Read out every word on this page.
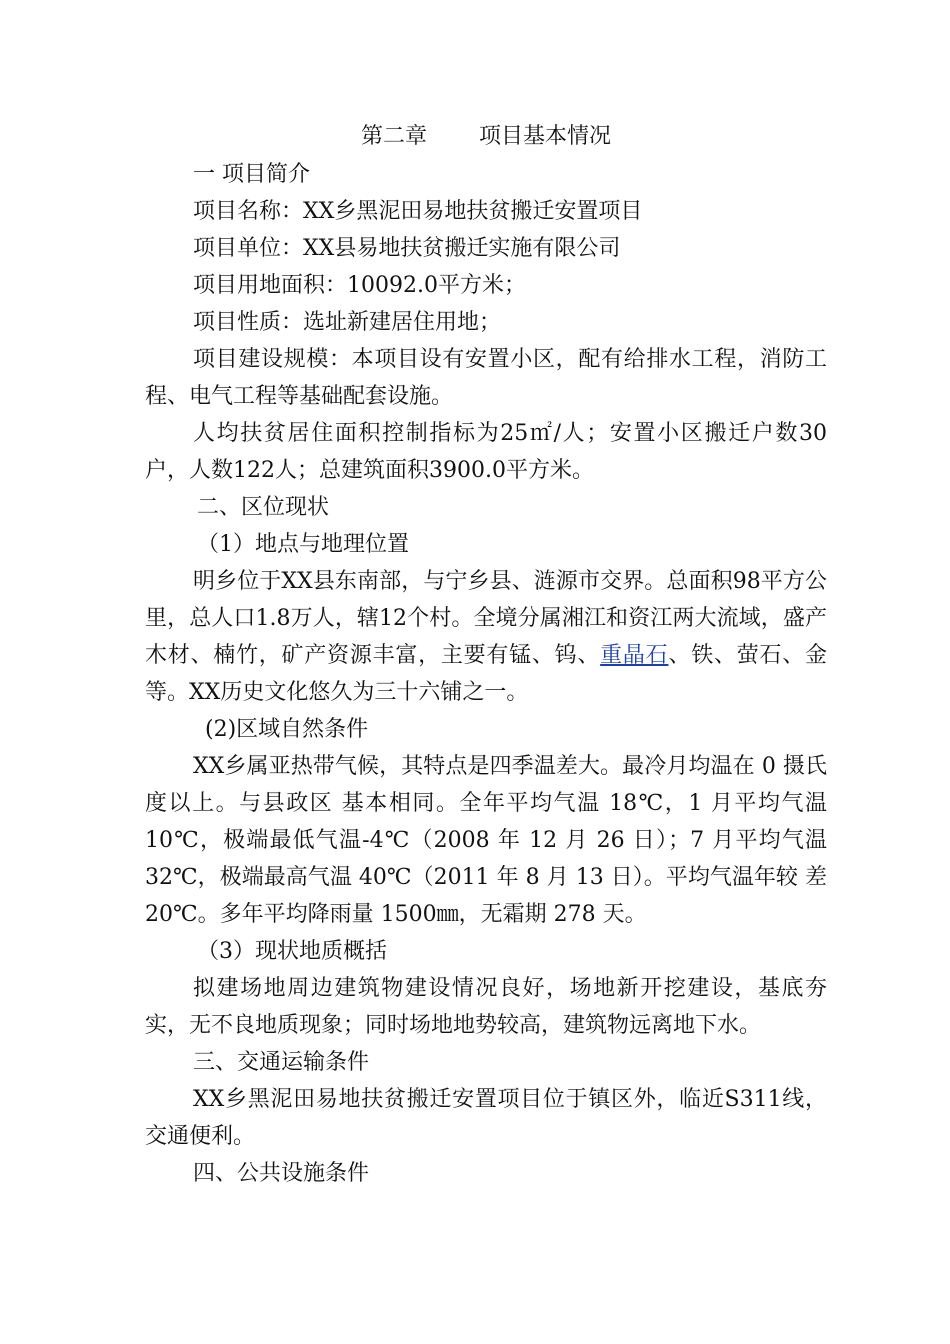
第二章 项目基本情况

一 项目简介

项目名称：XX乡黑泥田易地扶贫搬迁安置项目

项目单位：XX县易地扶贫搬迁实施有限公司

项目用地面积：10092.0平方米；

项目性质：选址新建居住用地；

项目建设规模：本项目设有安置小区，配有给排水工程，消防工程、电气工程等基础配套设施。

人均扶贫居住面积控制指标为25㎡/人；安置小区搬迁户数30户，人数122人；总建筑面积3900.0平方米。

二、区位现状

（1）地点与地理位置

明乡位于XX县东南部，与宁乡县、涟源市交界。总面积98平方公里，总人口1.8万人，辖12个村。全境分属湘江和资江两大流域，盛产木材、楠竹，矿产资源丰富，主要有锰、钨、重晶石、铁、萤石、金等。XX历史文化悠久为三十六铺之一。

(2)区域自然条件

XX乡属亚热带气候，其特点是四季温差大。最冷月均温在 0 摄氏度以上。与县政区 基本相同。全年平均气温 18℃，1 月平均气温 10℃，极端最低气温-4℃（2008 年 12 月 26 日）；7 月平均气温 32℃，极端最高气温 40℃（2011 年 8 月 13 日）。平均气温年较 差 20℃。多年平均降雨量 1500㎜，无霜期 278 天。

（3）现状地质概括

拟建场地周边建筑物建设情况良好，场地新开挖建设，基底夯实，无不良地质现象；同时场地地势较高，建筑物远离地下水。

三、交通运输条件

XX乡黑泥田易地扶贫搬迁安置项目位于镇区外，临近S311线，交通便利。

四、公共设施条件
